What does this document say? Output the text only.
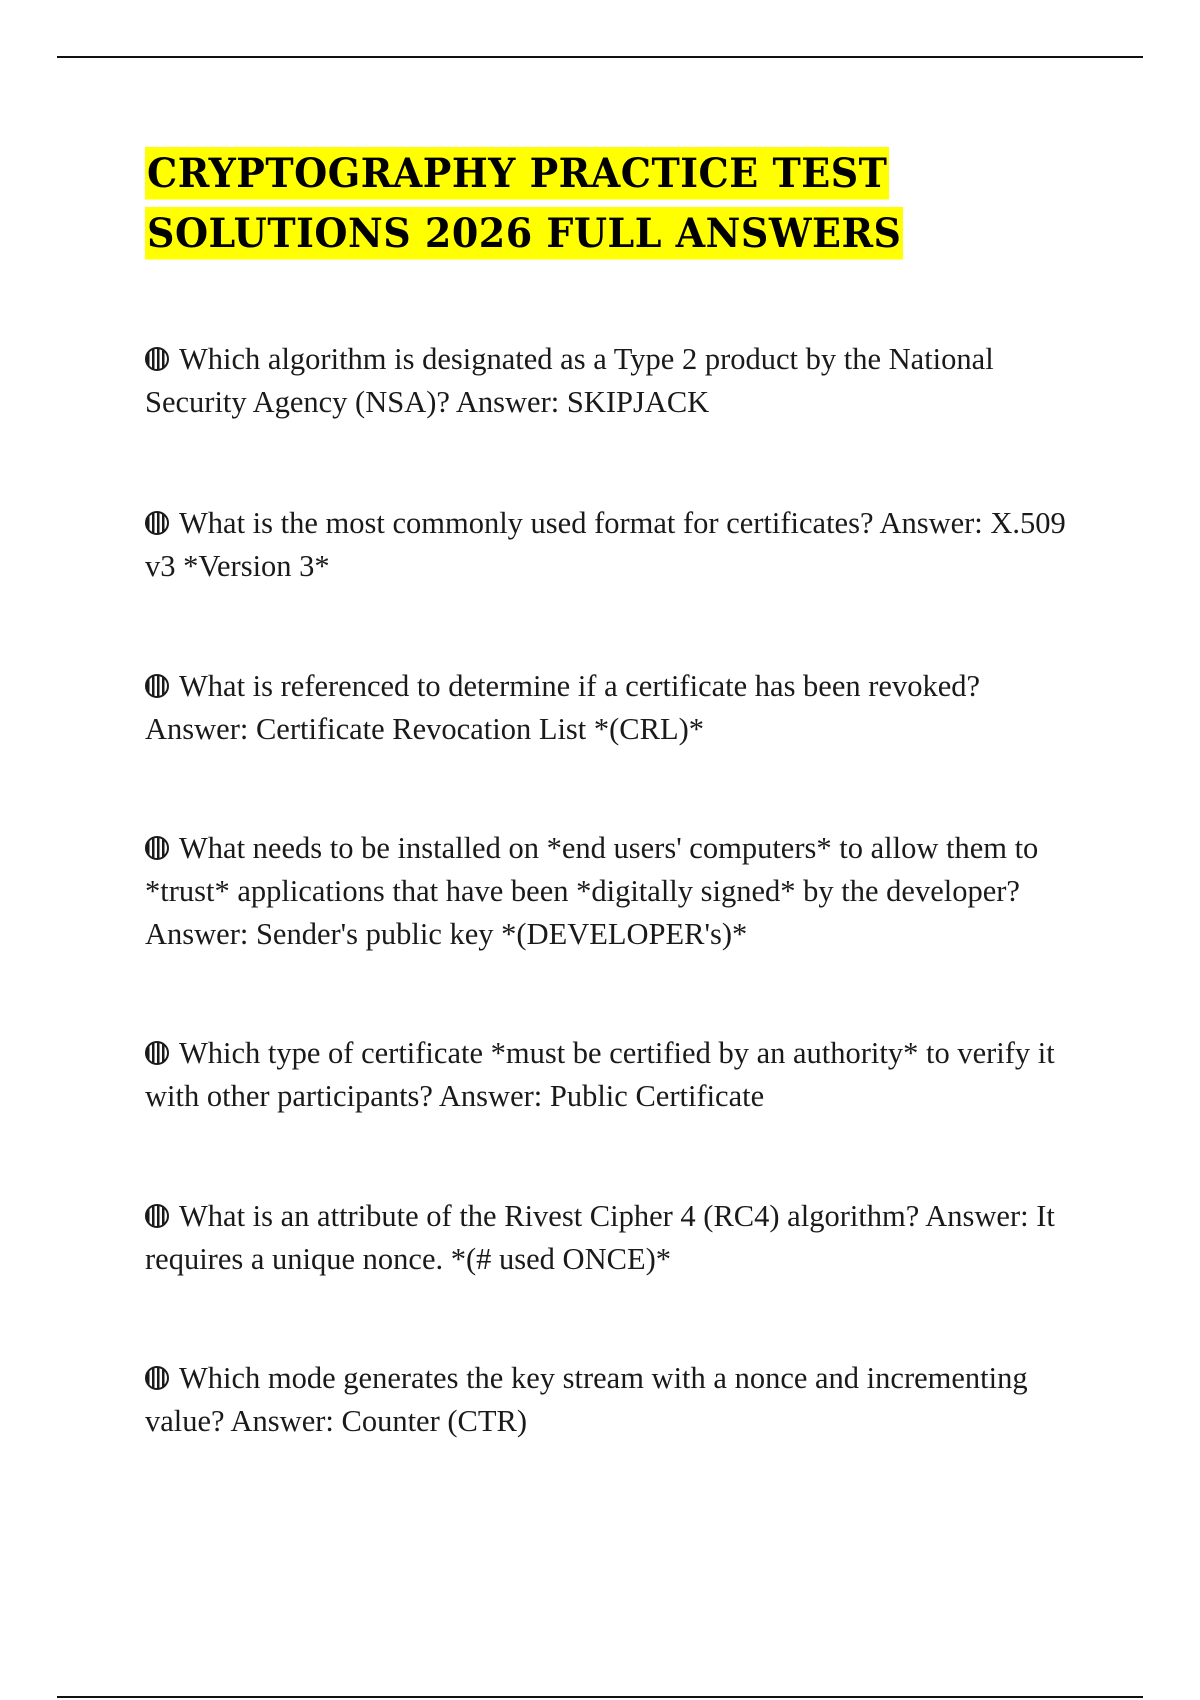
CRYPTOGRAPHY PRACTICE TEST
SOLUTIONS 2026 FULL ANSWERS
Which algorithm is designated as a Type 2 product by the National Security Agency (NSA)? Answer: SKIPJACK
What is the most commonly used format for certificates? Answer: X.509 v3 *Version 3*
What is referenced to determine if a certificate has been revoked? Answer: Certificate Revocation List *(CRL)*
What needs to be installed on *end users' computers* to allow them to *trust* applications that have been *digitally signed* by the developer? Answer: Sender's public key *(DEVELOPER's)*
Which type of certificate *must be certified by an authority* to verify it with other participants? Answer: Public Certificate
What is an attribute of the Rivest Cipher 4 (RC4) algorithm? Answer: It requires a unique nonce. *(# used ONCE)*
Which mode generates the key stream with a nonce and incrementing value? Answer: Counter (CTR)
